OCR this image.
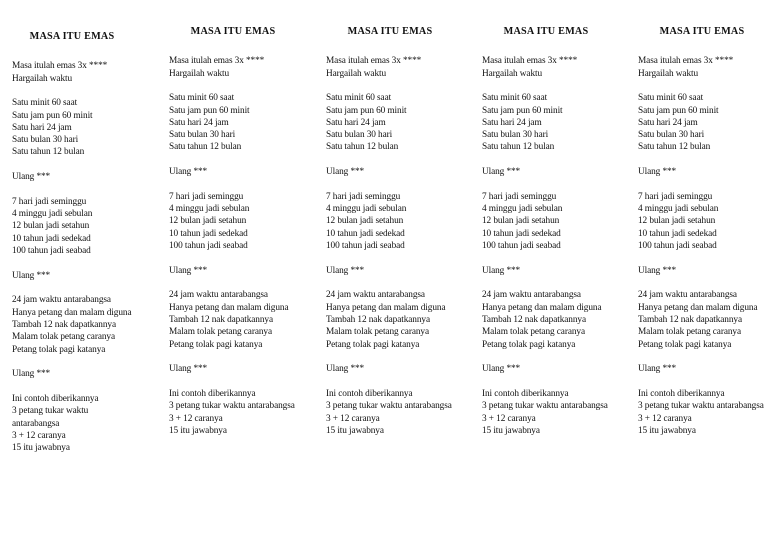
MASA ITU EMAS
Masa itulah emas 3x ****
Hargailah waktu
Satu minit 60 saat
Satu jam pun 60 minit
Satu hari 24 jam
Satu bulan 30 hari
Satu tahun 12 bulan
Ulang ***
7 hari jadi seminggu
4 minggu jadi sebulan
12 bulan jadi setahun
10 tahun jadi sedekad
100 tahun jadi seabad
Ulang ***
24 jam waktu antarabangsa
Hanya petang dan malam diguna
Tambah 12 nak dapatkannya
Malam tolak petang caranya
Petang tolak pagi katanya
Ulang ***
Ini contoh diberikannya
3 petang tukar waktu antarabangsa
3 + 12 caranya
15 itu jawabnya
MASA ITU EMAS
Masa itulah emas 3x ****
Hargailah waktu
Satu minit 60 saat
Satu jam pun 60 minit
Satu hari 24 jam
Satu bulan 30 hari
Satu tahun 12 bulan
Ulang ***
7 hari jadi seminggu
4 minggu jadi sebulan
12 bulan jadi setahun
10 tahun jadi sedekad
100 tahun jadi seabad
Ulang ***
24 jam waktu antarabangsa
Hanya petang dan malam diguna
Tambah 12 nak dapatkannya
Malam tolak petang caranya
Petang tolak pagi katanya
Ulang ***
Ini contoh diberikannya
3 petang tukar waktu antarabangsa
3 + 12 caranya
15 itu jawabnya
MASA ITU EMAS
Masa itulah emas 3x ****
Hargailah waktu
Satu minit 60 saat
Satu jam pun 60 minit
Satu hari 24 jam
Satu bulan 30 hari
Satu tahun 12 bulan
Ulang ***
7 hari jadi seminggu
4 minggu jadi sebulan
12 bulan jadi setahun
10 tahun jadi sedekad
100 tahun jadi seabad
Ulang ***
24 jam waktu antarabangsa
Hanya petang dan malam diguna
Tambah 12 nak dapatkannya
Malam tolak petang caranya
Petang tolak pagi katanya
Ulang ***
Ini contoh diberikannya
3 petang tukar waktu antarabangsa
3 + 12 caranya
15 itu jawabnya
MASA ITU EMAS
Masa itulah emas 3x ****
Hargailah waktu
Satu minit 60 saat
Satu jam pun 60 minit
Satu hari 24 jam
Satu bulan 30 hari
Satu tahun 12 bulan
Ulang ***
7 hari jadi seminggu
4 minggu jadi sebulan
12 bulan jadi setahun
10 tahun jadi sedekad
100 tahun jadi seabad
Ulang ***
24 jam waktu antarabangsa
Hanya petang dan malam diguna
Tambah 12 nak dapatkannya
Malam tolak petang caranya
Petang tolak pagi katanya
Ulang ***
Ini contoh diberikannya
3 petang tukar waktu antarabangsa
3 + 12 caranya
15 itu jawabnya
MASA ITU EMAS
Masa itulah emas 3x ****
Hargailah waktu
Satu minit 60 saat
Satu jam pun 60 minit
Satu hari 24 jam
Satu bulan 30 hari
Satu tahun 12 bulan
Ulang ***
7 hari jadi seminggu
4 minggu jadi sebulan
12 bulan jadi setahun
10 tahun jadi sedekad
100 tahun jadi seabad
Ulang ***
24 jam waktu antarabangsa
Hanya petang dan malam diguna
Tambah 12 nak dapatkannya
Malam tolak petang caranya
Petang tolak pagi katanya
Ulang ***
Ini contoh diberikannya
3 petang tukar waktu antarabangsa
3 + 12 caranya
15 itu jawabnya
